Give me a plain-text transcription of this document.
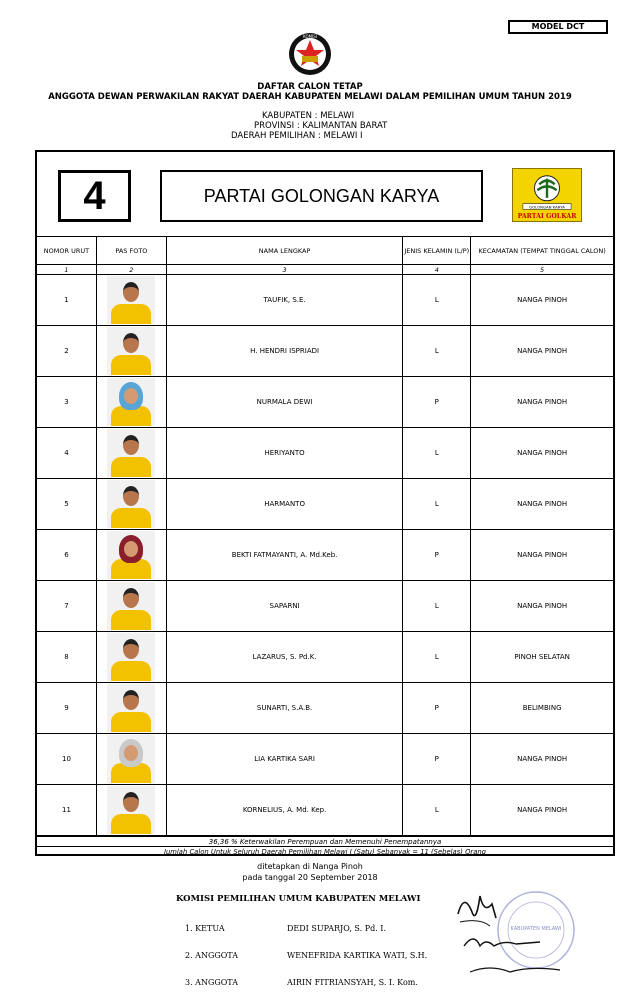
MODEL DCT
KOMISI
DAFTAR CALON TETAP
ANGGOTA DEWAN PERWAKILAN RAKYAT DAERAH KABUPATEN MELAWI DALAM PEMILIHAN UMUM TAHUN 2019
KABUPATEN : MELAWI
PROVINSI : KALIMANTAN BARAT
DAERAH PEMILIHAN : MELAWI I
4	PARTAI GOLONGAN KARYA
GOLONGAN KARYA
PARTAI GOLKAR
NOMOR URUT	PAS FOTO	NAMA LENGKAP	JENIS KELAMIN (L/P)	KECAMATAN (TEMPAT TINGGAL CALON)
1	2	3	4	5
1		TAUFIK, S.E.	L	NANGA PINOH
2		H. HENDRI ISPRIADI	L	NANGA PINOH
3		NURMALA DEWI	P	NANGA PINOH
4		HERIYANTO	L	NANGA PINOH
5		HARMANTO	L	NANGA PINOH
6		BEKTI FATMAYANTI, A. Md.Keb.	P	NANGA PINOH
7		SAPARNI	L	NANGA PINOH
8		LAZARUS, S. Pd.K.	L	PINOH SELATAN
9		SUNARTI, S.A.B.	P	BELIMBING
10		LIA KARTIKA SARI	P	NANGA PINOH
11		KORNELIUS, A. Md. Kep.	L	NANGA PINOH
36,36 % Keterwakilan Perempuan dan Memenuhi Penempatannya
Jumlah Calon Untuk Seluruh Daerah Pemilihan Melawi I (Satu) Sebanyak = 11 (Sebelas) Orang
ditetapkan di Nanga Pinoh
pada tanggal 20 September 2018
KOMISI PEMILIHAN UMUM KABUPATEN MELAWI
1. KETUA	DEDI SUPARJO, S. Pd. I.
2. ANGGOTA	WENEFRIDA KARTIKA WATI, S.H.
3. ANGGOTA	AIRIN FITRIANSYAH, S. I. Kom.
KABUPATEN MELAWI
